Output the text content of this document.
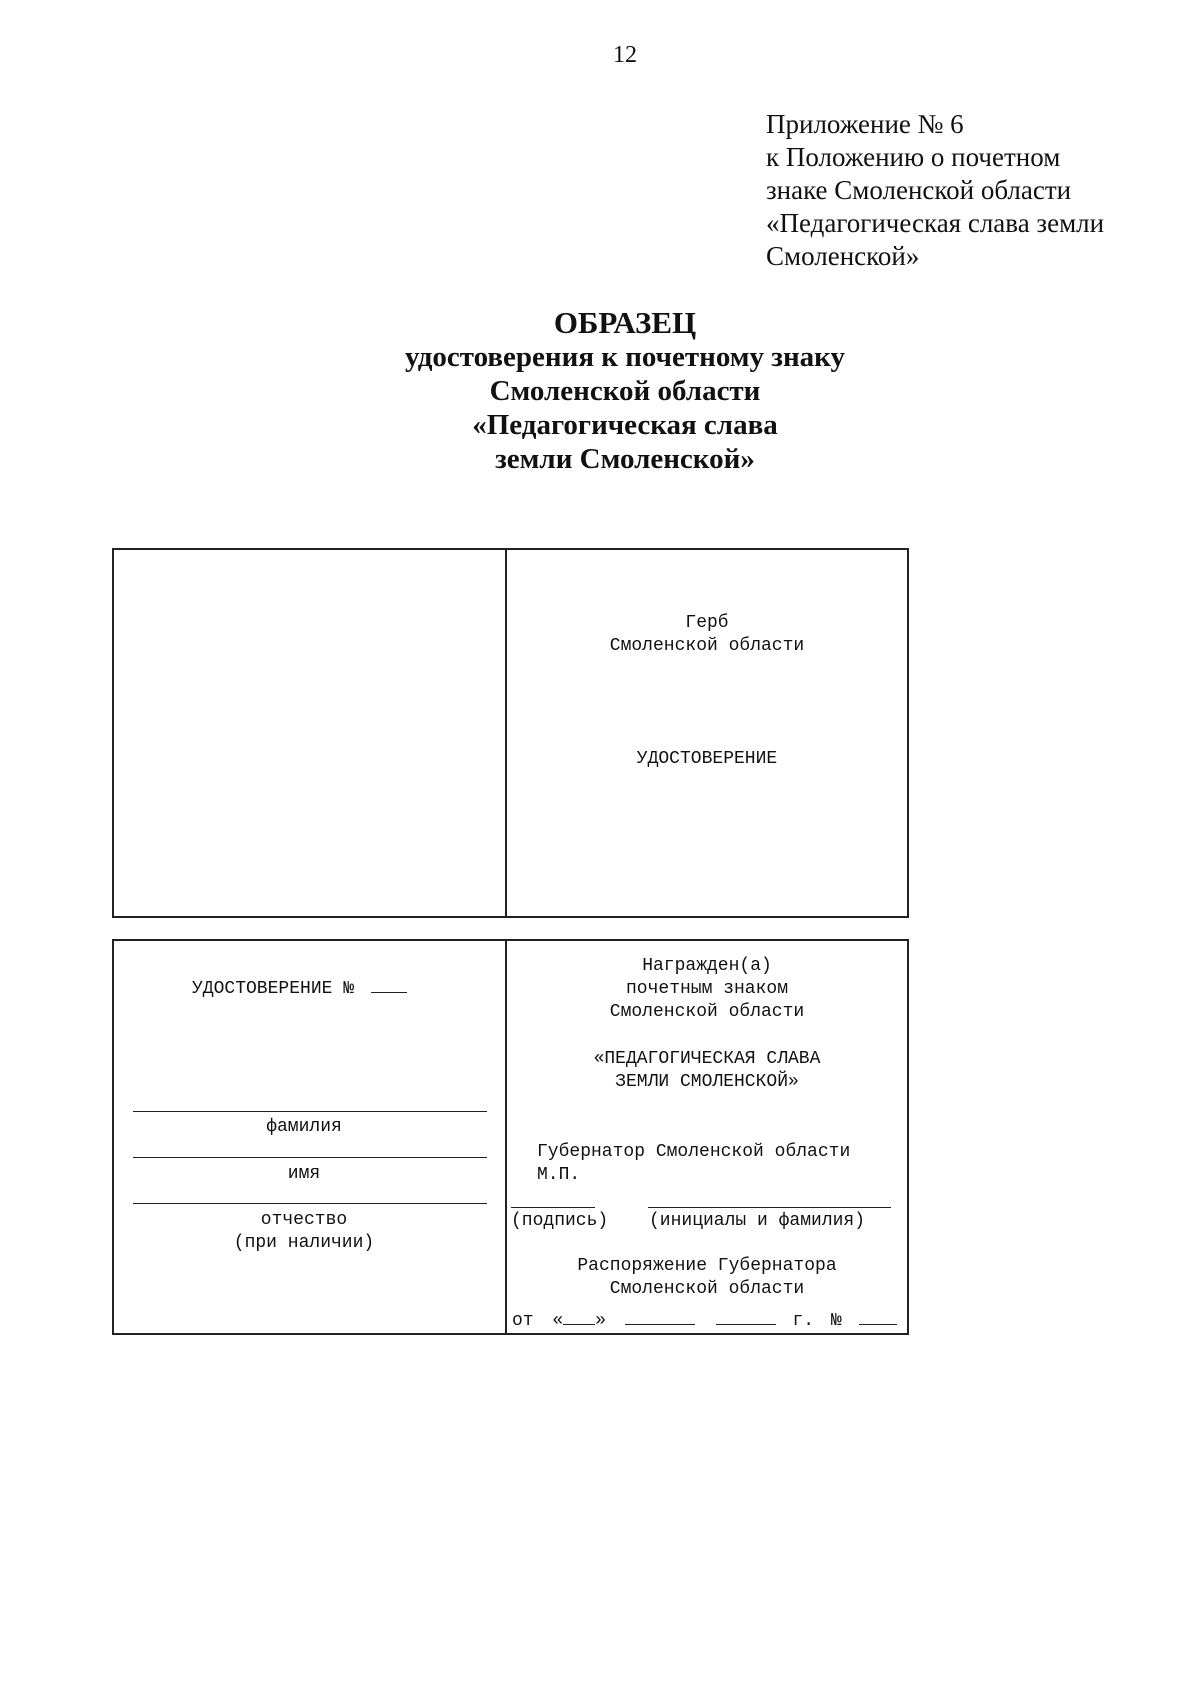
12
Приложение № 6
к Положению о почетном
знаке Смоленской области
«Педагогическая слава земли
Смоленской»
ОБРАЗЕЦ
удостоверения к почетному знаку
Смоленской области
«Педагогическая слава
земли Смоленской»
Герб
Смоленской области
УДОСТОВЕРЕНИЕ
УДОСТОВЕРЕНИЕ №
фамилия
имя
отчество
(при наличии)
Награжден(а)
почетным знаком
Смоленской области
«ПЕДАГОГИЧЕСКАЯ СЛАВА
ЗЕМЛИ СМОЛЕНСКОЙ»
Губернатор Смоленской области
М.П.
(подпись) (инициалы и фамилия)
Распоряжение Губернатора
Смоленской области
от « »	г. №
